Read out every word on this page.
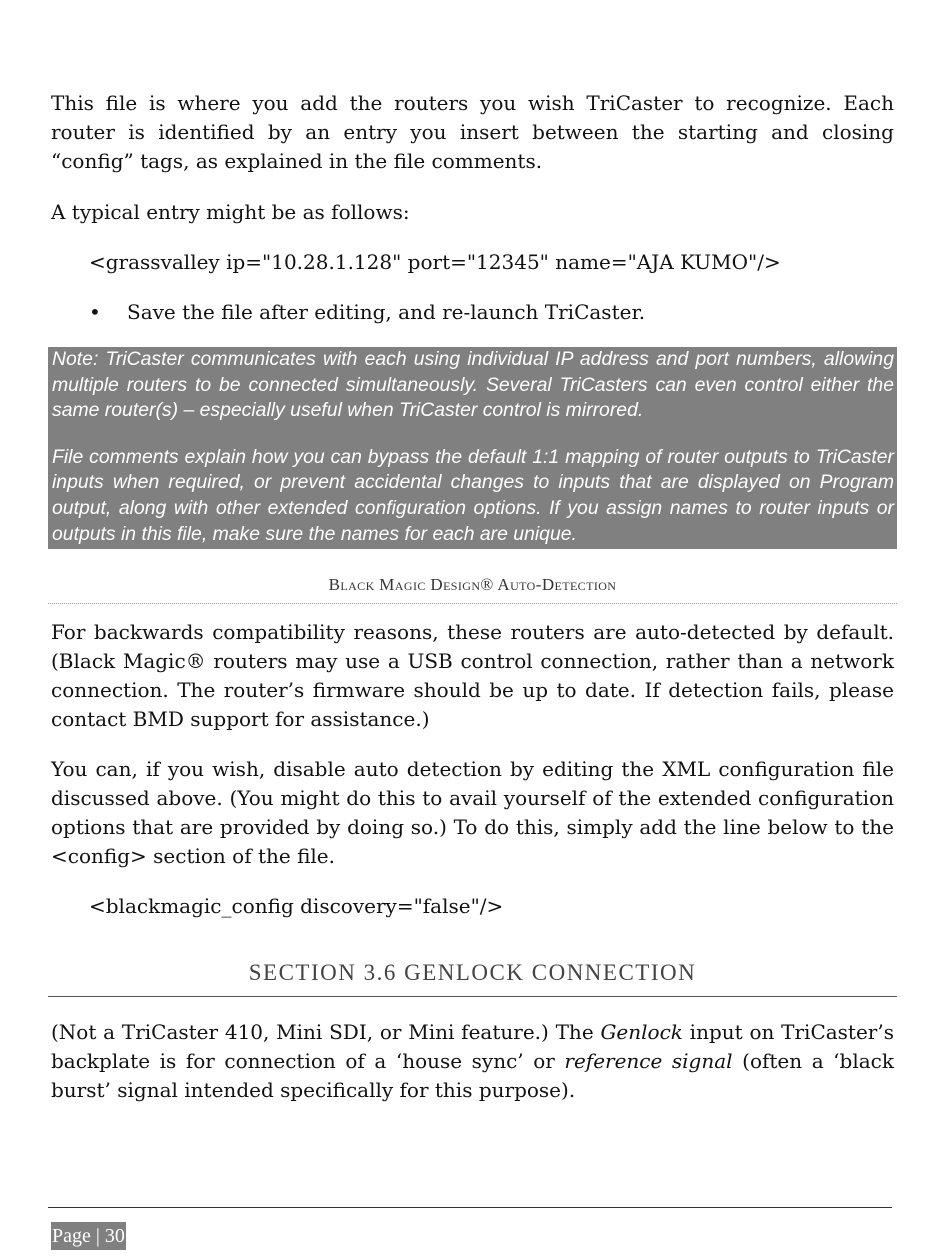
This file is where you add the routers you wish TriCaster to recognize. Each router is identified by an entry you insert between the starting and closing “config” tags, as explained in the file comments.

A typical entry might be as follows:

<grassvalley ip="10.28.1.128" port="12345" name="AJA KUMO"/>

•	Save the file after editing, and re-launch TriCaster.

Note: TriCaster communicates with each using individual IP address and port numbers, allowing multiple routers to be connected simultaneously. Several TriCasters can even control either the same router(s) – especially useful when TriCaster control is mirrored.

File comments explain how you can bypass the default 1:1 mapping of router outputs to TriCaster inputs when required, or prevent accidental changes to inputs that are displayed on Program output, along with other extended configuration options. If you assign names to router inputs or outputs in this file, make sure the names for each are unique.

Black Magic Design® Auto-Detection

For backwards compatibility reasons, these routers are auto-detected by default. (Black Magic® routers may use a USB control connection, rather than a network connection. The router’s firmware should be up to date. If detection fails, please contact BMD support for assistance.)

You can, if you wish, disable auto detection by editing the XML configuration file discussed above. (You might do this to avail yourself of the extended configuration options that are provided by doing so.) To do this, simply add the line below to the <config> section of the file.

<blackmagic_config discovery="false"/>

SECTION 3.6 GENLOCK CONNECTION

(Not a TriCaster 410, Mini SDI, or Mini feature.) The Genlock input on TriCaster’s backplate is for connection of a ‘house sync’ or reference signal (often a ‘black burst’ signal intended specifically for this purpose).

Page | 30
